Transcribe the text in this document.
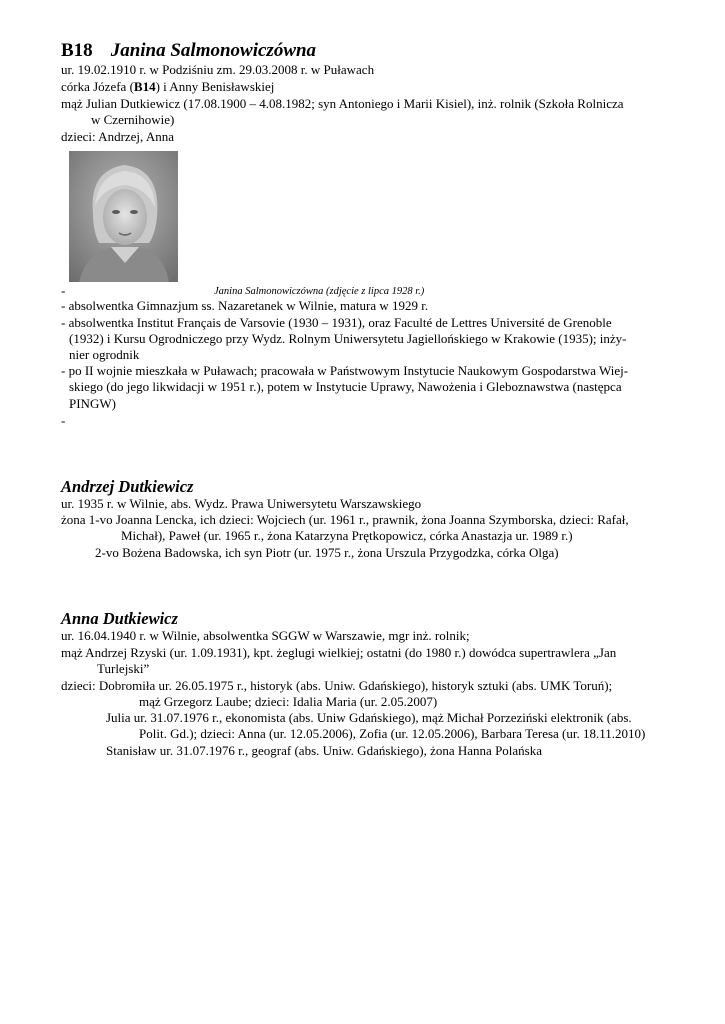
B18 Janina Salmonowiczówna
ur. 19.02.1910 r. w Podziśniu zm. 29.03.2008 r. w Puławach
córka Józefa (B14) i Anny Benisławskiej
mąż Julian Dutkiewicz (17.08.1900 – 4.08.1982; syn Antoniego i Marii Kisiel), inż. rolnik (Szkoła Rolnicza
w Czernihowie)
dzieci: Andrzej, Anna
-	Janina Salmonowiczówna (zdjęcie z lipca 1928 r.)
- absolwentka Gimnazjum ss. Nazaretanek w Wilnie, matura w 1929 r.
- absolwentka Institut Français de Varsovie (1930 – 1931), oraz Faculté de Lettres Université de Grenoble
(1932) i Kursu Ogrodniczego przy Wydz. Rolnym Uniwersytetu Jagiellońskiego w Krakowie (1935); inży-
nier ogrodnik
- po II wojnie mieszkała w Puławach; pracowała w Państwowym Instytucie Naukowym Gospodarstwa Wiej-
skiego (do jego likwidacji w 1951 r.), potem w Instytucie Uprawy, Nawożenia i Gleboznawstwa (następca
PINGW)
-
Andrzej Dutkiewicz
ur. 1935 r. w Wilnie, abs. Wydz. Prawa Uniwersytetu Warszawskiego
żona 1-vo Joanna Lencka, ich dzieci: Wojciech (ur. 1961 r., prawnik, żona Joanna Szymborska, dzieci: Rafał,
Michał), Paweł (ur. 1965 r., żona Katarzyna Prętkopowicz, córka Anastazja ur. 1989 r.)
2-vo Bożena Badowska, ich syn Piotr (ur. 1975 r., żona Urszula Przygodzka, córka Olga)
Anna Dutkiewicz
ur. 16.04.1940 r. w Wilnie, absolwentka SGGW w Warszawie, mgr inż. rolnik;
mąż Andrzej Rzyski (ur. 1.09.1931), kpt. żeglugi wielkiej; ostatni (do 1980 r.) dowódca supertrawlera „Jan
Turlejski”
dzieci: Dobromiła ur. 26.05.1975 r., historyk (abs. Uniw. Gdańskiego), historyk sztuki (abs. UMK Toruń);
mąż Grzegorz Laube; dzieci: Idalia Maria (ur. 2.05.2007)
Julia ur. 31.07.1976 r., ekonomista (abs. Uniw Gdańskiego), mąż Michał Porzeziński elektronik (abs.
Polit. Gd.); dzieci: Anna (ur. 12.05.2006), Zofia (ur. 12.05.2006), Barbara Teresa (ur. 18.11.2010)
Stanisław ur. 31.07.1976 r., geograf (abs. Uniw. Gdańskiego), żona Hanna Polańska
